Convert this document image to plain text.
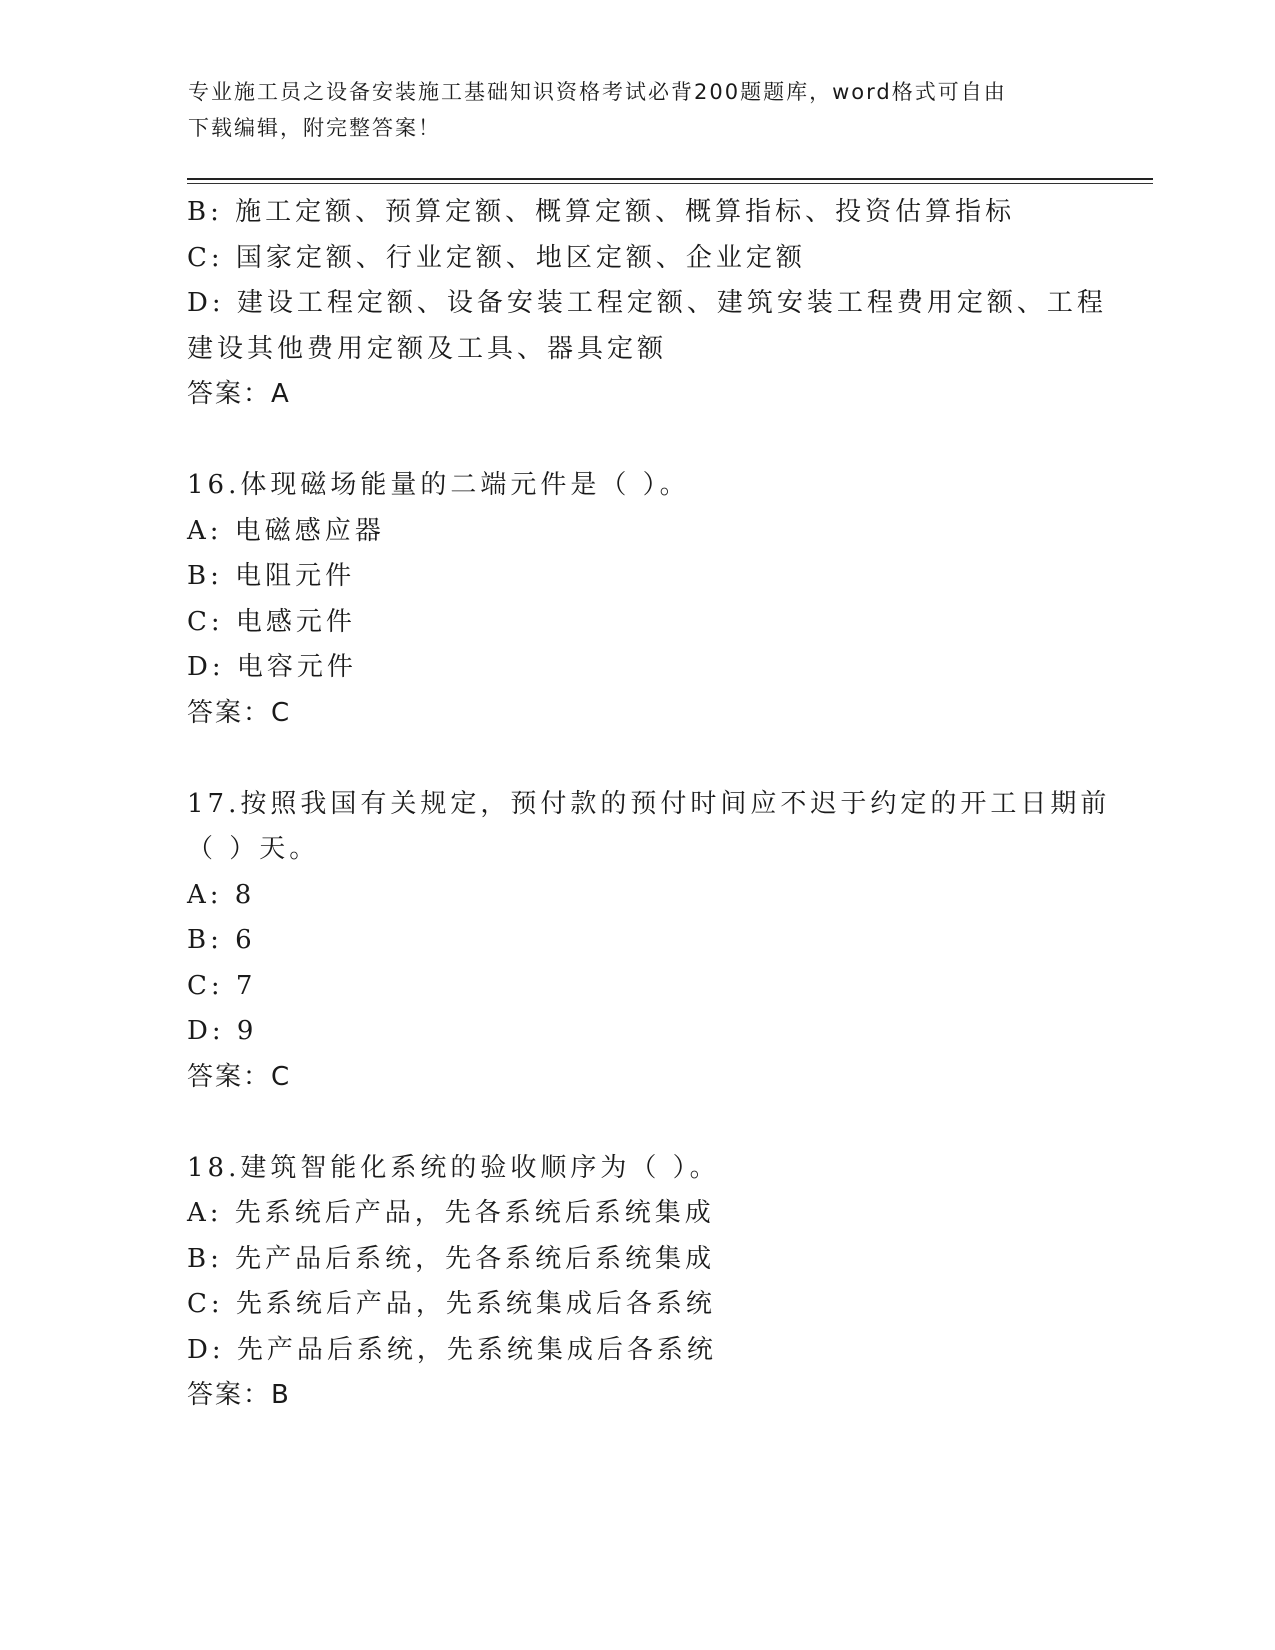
专业施工员之设备安装施工基础知识资格考试必背200题题库，word格式可自由
下载编辑，附完整答案！
B: 施工定额、预算定额、概算定额、概算指标、投资估算指标
C: 国家定额、行业定额、地区定额、企业定额
D: 建设工程定额、设备安装工程定额、建筑安装工程费用定额、工程
建设其他费用定额及工具、器具定额
答案：A
16.体现磁场能量的二端元件是（ ）。
A: 电磁感应器
B: 电阻元件
C: 电感元件
D: 电容元件
答案：C
17.按照我国有关规定，预付款的预付时间应不迟于约定的开工日期前
（ ）天。
A: 8
B: 6
C: 7
D: 9
答案：C
18.建筑智能化系统的验收顺序为（ ）。
A: 先系统后产品，先各系统后系统集成
B: 先产品后系统，先各系统后系统集成
C: 先系统后产品，先系统集成后各系统
D: 先产品后系统，先系统集成后各系统
答案：B
